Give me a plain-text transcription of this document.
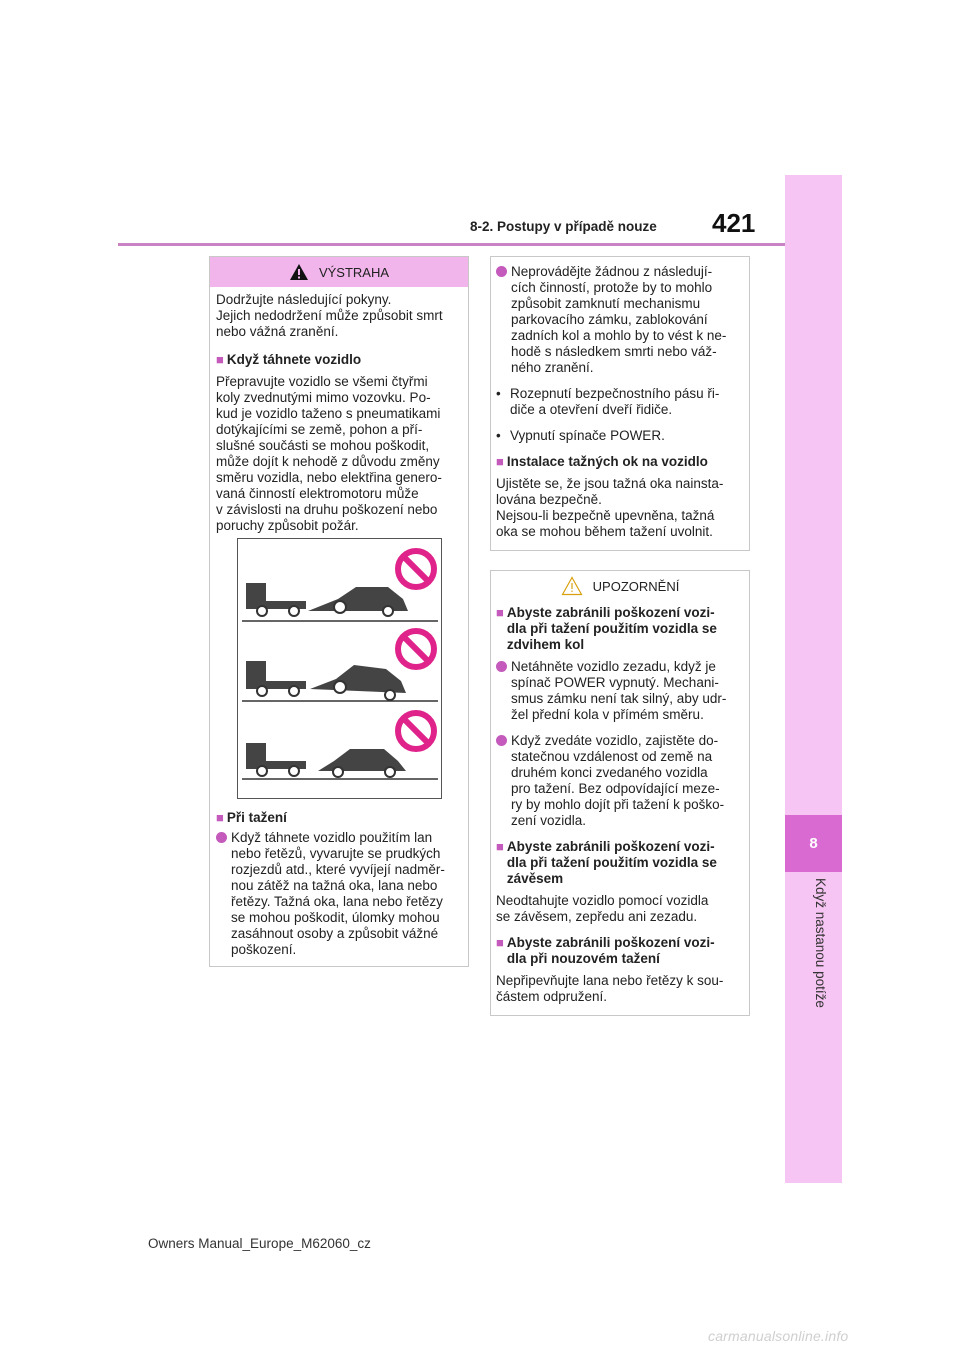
8-2. Postupy v případě nouze 421
8
Když nastanou potíže
VÝSTRAHA

Dodržujte následující pokyny.

Jejich nedodržení může způsobit smrt

nebo vážná zranění.

■ Když táhnete vozidlo

Přepravujte vozidlo se všemi čtyřmi

koly zvednutými mimo vozovku. Po-

kud je vozidlo taženo s pneumatikami

dotýkajícími se země, pohon a pří-

slušné součásti se mohou poškodit,

může dojít k nehodě z důvodu změny

směru vozidla, nebo elektřina genero-

vaná činností elektromotoru může

v závislosti na druhu poškození nebo

poruchy způsobit požár.

■ Při tažení

Když táhnete vozidlo použitím lan

nebo řetězů, vyvarujte se prudkých

rozjezdů atd., které vyvíjejí nadměr-

nou zátěž na tažná oka, lana nebo

řetězy. Tažná oka, lana nebo řetězy

se mohou poškodit, úlomky mohou

zasáhnout osoby a způsobit vážné

poškození.

Neprovádějte žádnou z následují-

cích činností, protože by to mohlo

způsobit zamknutí mechanismu

parkovacího zámku, zablokování

zadních kol a mohlo by to vést k ne-

hodě s následkem smrti nebo váž-

ného zranění.

• Rozepnutí bezpečnostního pásu ři-

diče a otevření dveří řidiče.

• Vypnutí spínače POWER.

■ Instalace tažných ok na vozidlo

Ujistěte se, že jsou tažná oka nainsta-

lována bezpečně.

Nejsou-li bezpečně upevněna, tažná

oka se mohou během tažení uvolnit.

UPOZORNĚNÍ
■ Abyste zabránili poškození vozi-

dla při tažení použitím vozidla se

zdvihem kol

Netáhněte vozidlo zezadu, když je

spínač POWER vypnutý. Mechani-

smus zámku není tak silný, aby udr-

žel přední kola v přímém směru.

Když zvedáte vozidlo, zajistěte do-

statečnou vzdálenost od země na

druhém konci zvedaného vozidla

pro tažení. Bez odpovídající meze-

ry by mohlo dojít při tažení k poško-

zení vozidla.

■ Abyste zabránili poškození vozi-

dla při tažení použitím vozidla se

závěsem

Neodtahujte vozidlo pomocí vozidla

se závěsem, zepředu ani zezadu.

■ Abyste zabránili poškození vozi-

dla při nouzovém tažení

Nepřipevňujte lana nebo řetězy k sou-

částem odpružení.

Owners Manual_Europe_M62060_cz
carmanualsonline.info
